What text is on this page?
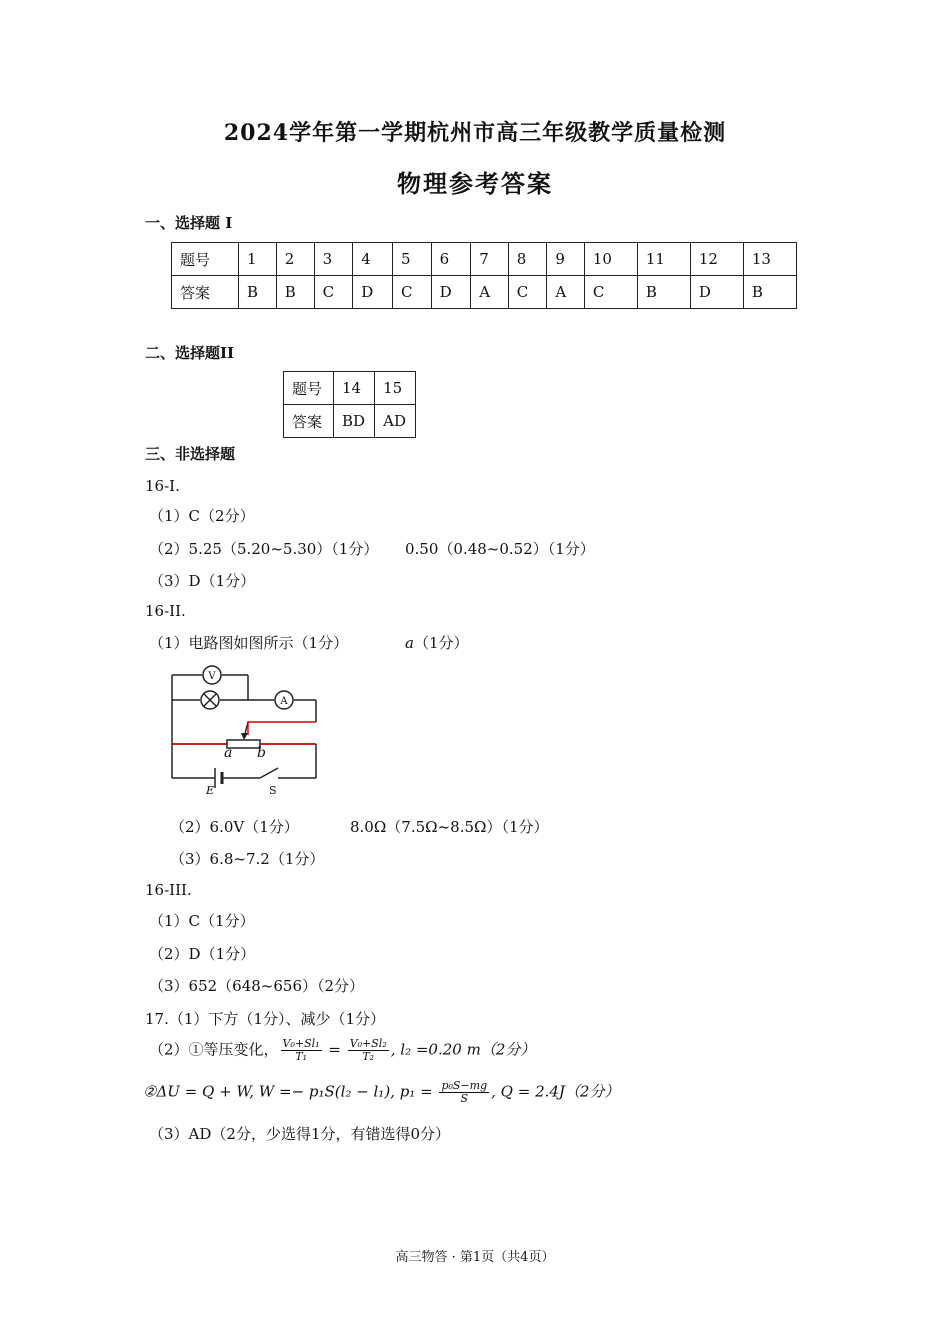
2024学年第一学期杭州市高三年级教学质量检测
物理参考答案
一、选择题 I
题号	1	2	3	4	5	6	7	8	9	10	11	12	13
答案	B	B	C	D	C	D	A	C	A	C	B	D	B
二、选择题II
题号	14	15
答案	BD	AD
三、非选择题
16-I.
（1）C（2分）
（2）5.25（5.20~5.30）（1分） 0.50（0.48~0.52）（1分）
（3）D（1分）
16-II.
（1）电路图如图所示（1分）	a（1分）
V
A
a b
E	S
（2）6.0V（1分）	8.0Ω（7.5Ω~8.5Ω）（1分）
（3）6.8~7.2（1分）
16-III.
（1）C（1分）
（2）D（1分）
（3）652（648~656）（2分）
17.（1）下方（1分）、减少（1分）
（2）①等压变化， $\frac{\text{V₀+Sl₁}}{\text{T₁}} = \frac{\text{V₀+Sl₂}}{\text{T₂}}$ , l₂ =0.20 m（2分）
②ΔU = Q + W, W =− p₁S(l₂ − l₁), $p_1 = \frac{\text{p₀S−mg}}{S}$ , Q = 2.4J（2分）
（3）AD（2分，少选得1分，有错选得0分）
高三物答 · 第1页（共4页）
